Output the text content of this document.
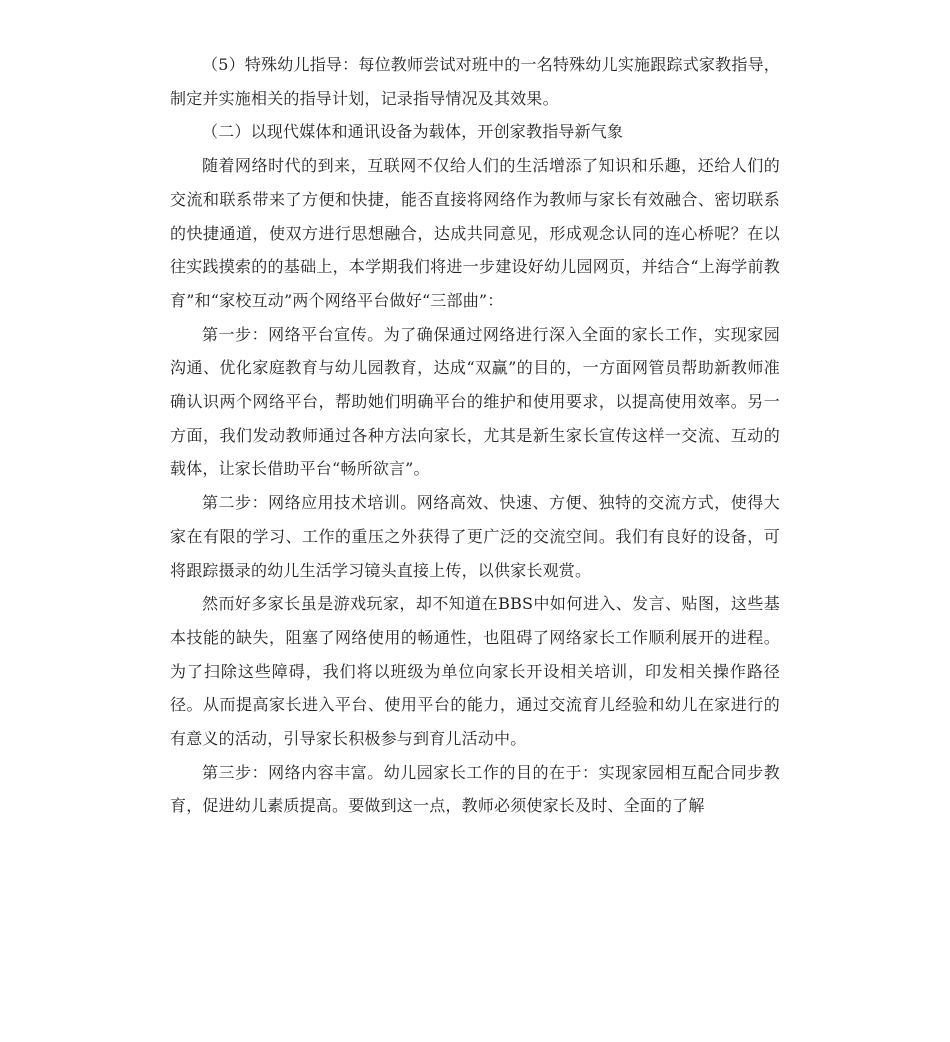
（5）特殊幼儿指导：每位教师尝试对班中的一名特殊幼儿实施跟踪式家教指导，制定并实施相关的指导计划，记录指导情况及其效果。

（二）以现代媒体和通讯设备为载体，开创家教指导新气象

随着网络时代的到来，互联网不仅给人们的生活增添了知识和乐趣，还给人们的交流和联系带来了方便和快捷，能否直接将网络作为教师与家长有效融合、密切联系的快捷通道，使双方进行思想融合，达成共同意见，形成观念认同的连心桥呢？在以往实践摸索的的基础上，本学期我们将进一步建设好幼儿园网页，并结合“上海学前教育”和“家校互动”两个网络平台做好“三部曲”：

第一步：网络平台宣传。为了确保通过网络进行深入全面的家长工作，实现家园沟通、优化家庭教育与幼儿园教育，达成“双赢”的目的，一方面网管员帮助新教师准确认识两个网络平台，帮助她们明确平台的维护和使用要求，以提高使用效率。另一方面，我们发动教师通过各种方法向家长，尤其是新生家长宣传这样一交流、互动的载体，让家长借助平台“畅所欲言”。

第二步：网络应用技术培训。网络高效、快速、方便、独特的交流方式，使得大家在有限的学习、工作的重压之外获得了更广泛的交流空间。我们有良好的设备，可将跟踪摄录的幼儿生活学习镜头直接上传，以供家长观赏。

然而好多家长虽是游戏玩家，却不知道在BBS中如何进入、发言、贴图，这些基本技能的缺失，阻塞了网络使用的畅通性，也阻碍了网络家长工作顺利展开的进程。为了扫除这些障碍，我们将以班级为单位向家长开设相关培训，印发相关操作路径径。从而提高家长进入平台、使用平台的能力，通过交流育儿经验和幼儿在家进行的有意义的活动，引导家长积极参与到育儿活动中。

第三步：网络内容丰富。幼儿园家长工作的目的在于：实现家园相互配合同步教育，促进幼儿素质提高。要做到这一点，教师必须使家长及时、全面的了解
